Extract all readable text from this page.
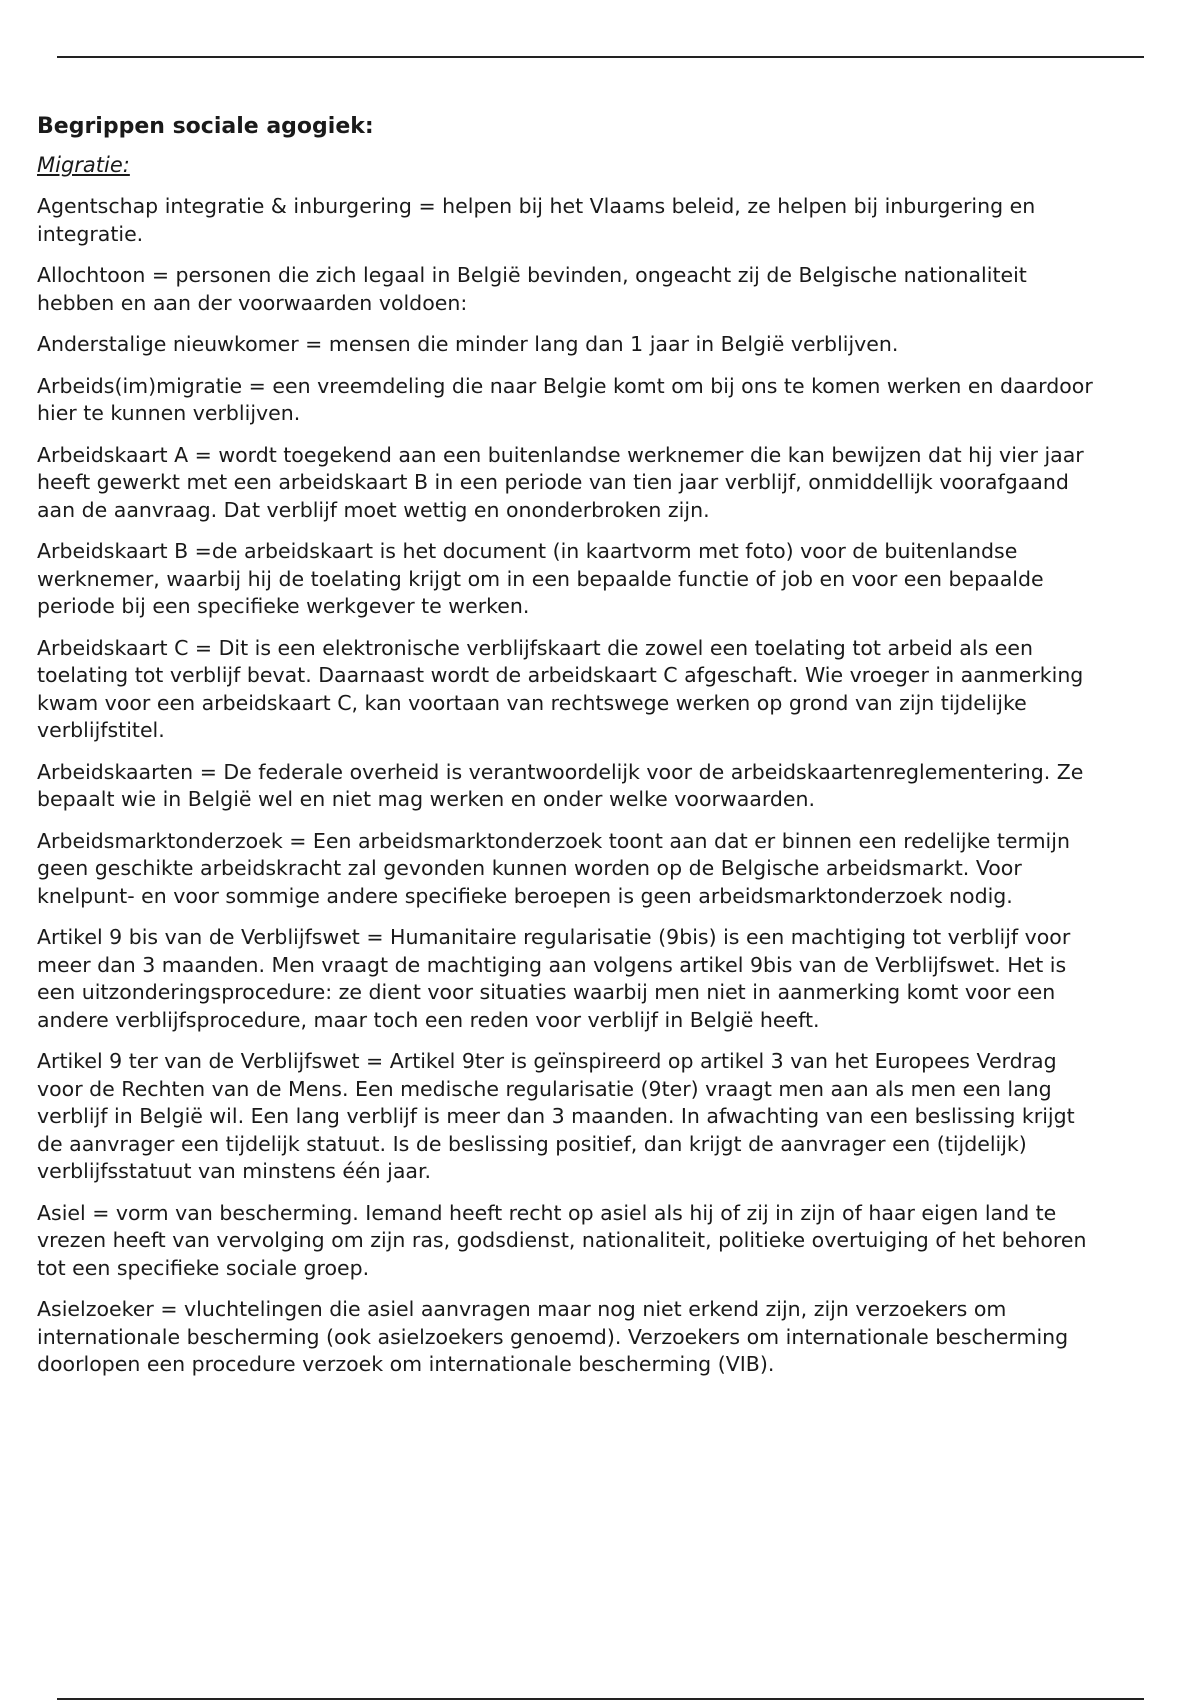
Begrippen sociale agogiek:
Migratie:

Agentschap integratie & inburgering = helpen bij het Vlaams beleid, ze helpen bij inburgering en integratie.

Allochtoon = personen die zich legaal in België bevinden, ongeacht zij de Belgische nationaliteit hebben en aan der voorwaarden voldoen:

Anderstalige nieuwkomer = mensen die minder lang dan 1 jaar in België verblijven.

Arbeids(im)migratie = een vreemdeling die naar Belgie komt om bij ons te komen werken en daardoor hier te kunnen verblijven.

Arbeidskaart A = wordt toegekend aan een buitenlandse werknemer die kan bewijzen dat hij vier jaar heeft gewerkt met een arbeidskaart B in een periode van tien jaar verblijf, onmiddellijk voorafgaand aan de aanvraag. Dat verblijf moet wettig en ononderbroken zijn.

Arbeidskaart B =de arbeidskaart is het document (in kaartvorm met foto) voor de buitenlandse werknemer, waarbij hij de toelating krijgt om in een bepaalde functie of job en voor een bepaalde periode bij een specifieke werkgever te werken.

Arbeidskaart C = Dit is een elektronische verblijfskaart die zowel een toelating tot arbeid als een toelating tot verblijf bevat. Daarnaast wordt de arbeidskaart C afgeschaft. Wie vroeger in aanmerking kwam voor een arbeidskaart C, kan voortaan van rechtswege werken op grond van zijn tijdelijke verblijfstitel.

Arbeidskaarten = De federale overheid is verantwoordelijk voor de arbeidskaartenreglementering. Ze bepaalt wie in België wel en niet mag werken en onder welke voorwaarden.

Arbeidsmarktonderzoek = Een arbeidsmarktonderzoek toont aan dat er binnen een redelijke termijn geen geschikte arbeidskracht zal gevonden kunnen worden op de Belgische arbeidsmarkt. Voor knelpunt- en voor sommige andere specifieke beroepen is geen arbeidsmarktonderzoek nodig.

Artikel 9 bis van de Verblijfswet = Humanitaire regularisatie (9bis) is een machtiging tot verblijf voor meer dan 3 maanden. Men vraagt de machtiging aan volgens artikel 9bis van de Verblijfswet. Het is een uitzonderingsprocedure: ze dient voor situaties waarbij men niet in aanmerking komt voor een andere verblijfsprocedure, maar toch een reden voor verblijf in België heeft.

Artikel 9 ter van de Verblijfswet = Artikel 9ter is geïnspireerd op artikel 3 van het Europees Verdrag voor de Rechten van de Mens. Een medische regularisatie (9ter) vraagt men aan als men een lang verblijf in België wil. Een lang verblijf is meer dan 3 maanden. In afwachting van een beslissing krijgt de aanvrager een tijdelijk statuut. Is de beslissing positief, dan krijgt de aanvrager een (tijdelijk) verblijfsstatuut van minstens één jaar.

Asiel = vorm van bescherming. Iemand heeft recht op asiel als hij of zij in zijn of haar eigen land te vrezen heeft van vervolging om zijn ras, godsdienst, nationaliteit, politieke overtuiging of het behoren tot een specifieke sociale groep.

Asielzoeker = vluchtelingen die asiel aanvragen maar nog niet erkend zijn, zijn verzoekers om internationale bescherming (ook asielzoekers genoemd). Verzoekers om internationale bescherming doorlopen een procedure verzoek om internationale bescherming (VIB).
